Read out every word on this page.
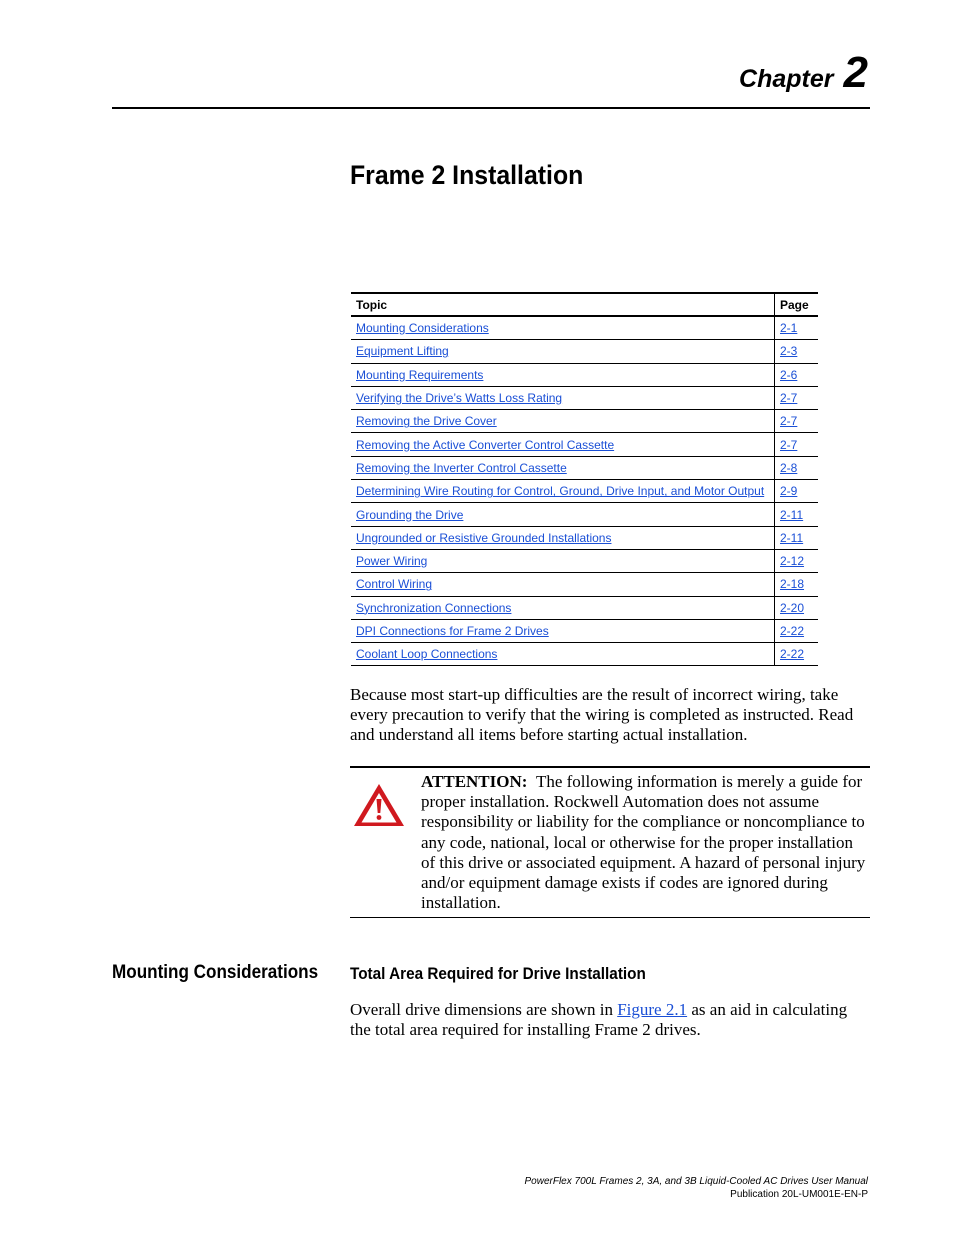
Chapter 2
Frame 2 Installation
Topic	Page
Mounting Considerations	2-1
Equipment Lifting	2-3
Mounting Requirements	2-6
Verifying the Drive’s Watts Loss Rating	2-7
Removing the Drive Cover	2-7
Removing the Active Converter Control Cassette	2-7
Removing the Inverter Control Cassette	2-8
Determining Wire Routing for Control, Ground, Drive Input, and Motor Output	2-9
Grounding the Drive	2-11
Ungrounded or Resistive Grounded Installations	2-11
Power Wiring	2-12
Control Wiring	2-18
Synchronization Connections	2-20
DPI Connections for Frame 2 Drives	2-22
Coolant Loop Connections	2-22
Because most start-up difficulties are the result of incorrect wiring, take every precaution to verify that the wiring is completed as instructed. Read and understand all items before starting actual installation.
ATTENTION: The following information is merely a guide for proper installation. Rockwell Automation does not assume responsibility or liability for the compliance or noncompliance to any code, national, local or otherwise for the proper installation of this drive or associated equipment. A hazard of personal injury and/or equipment damage exists if codes are ignored during installation.
Mounting Considerations Total Area Required for Drive Installation
Overall drive dimensions are shown in Figure 2.1 as an aid in calculating the total area required for installing Frame 2 drives.
PowerFlex 700L Frames 2, 3A, and 3B Liquid-Cooled AC Drives User Manual
Publication 20L-UM001E-EN-P
